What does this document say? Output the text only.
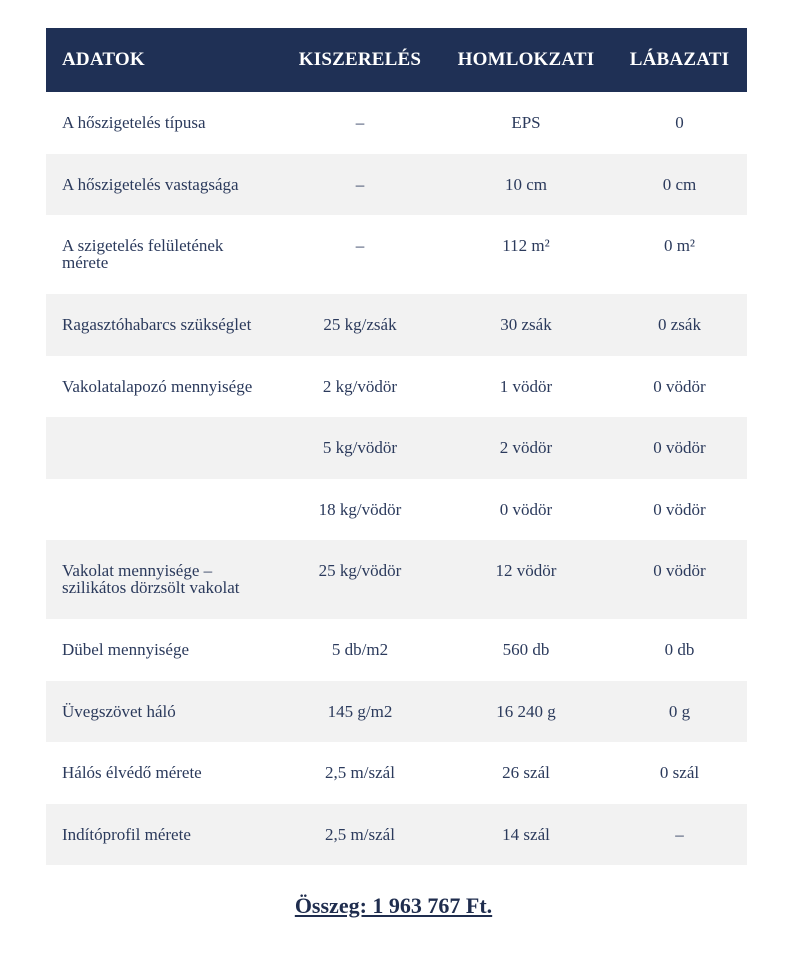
ADATOK	KISZERELÉS	HOMLOKZATI	LÁBAZATI
A hőszigetelés típusa	–	EPS	0
A hőszigetelés vastagsága	–	10 cm	0 cm
A szigetelés felületének mérete	–	112 m²	0 m²
Ragasztóhabarcs szükséglet	25 kg/zsák	30 zsák	0 zsák
Vakolatalapozó mennyisége	2 kg/vödör	1 vödör	0 vödör
	5 kg/vödör	2 vödör	0 vödör
	18 kg/vödör	0 vödör	0 vödör
Vakolat mennyisége – szilikátos dörzsölt vakolat	25 kg/vödör	12 vödör	0 vödör
Dübel mennyisége	5 db/m2	560 db	0 db
Üvegszövet háló	145 g/m2	16 240 g	0 g
Hálós élvédő mérete	2,5 m/szál	26 szál	0 szál
Indítóprofil mérete	2,5 m/szál	14 szál	–
Összeg: 1 963 767 Ft.
